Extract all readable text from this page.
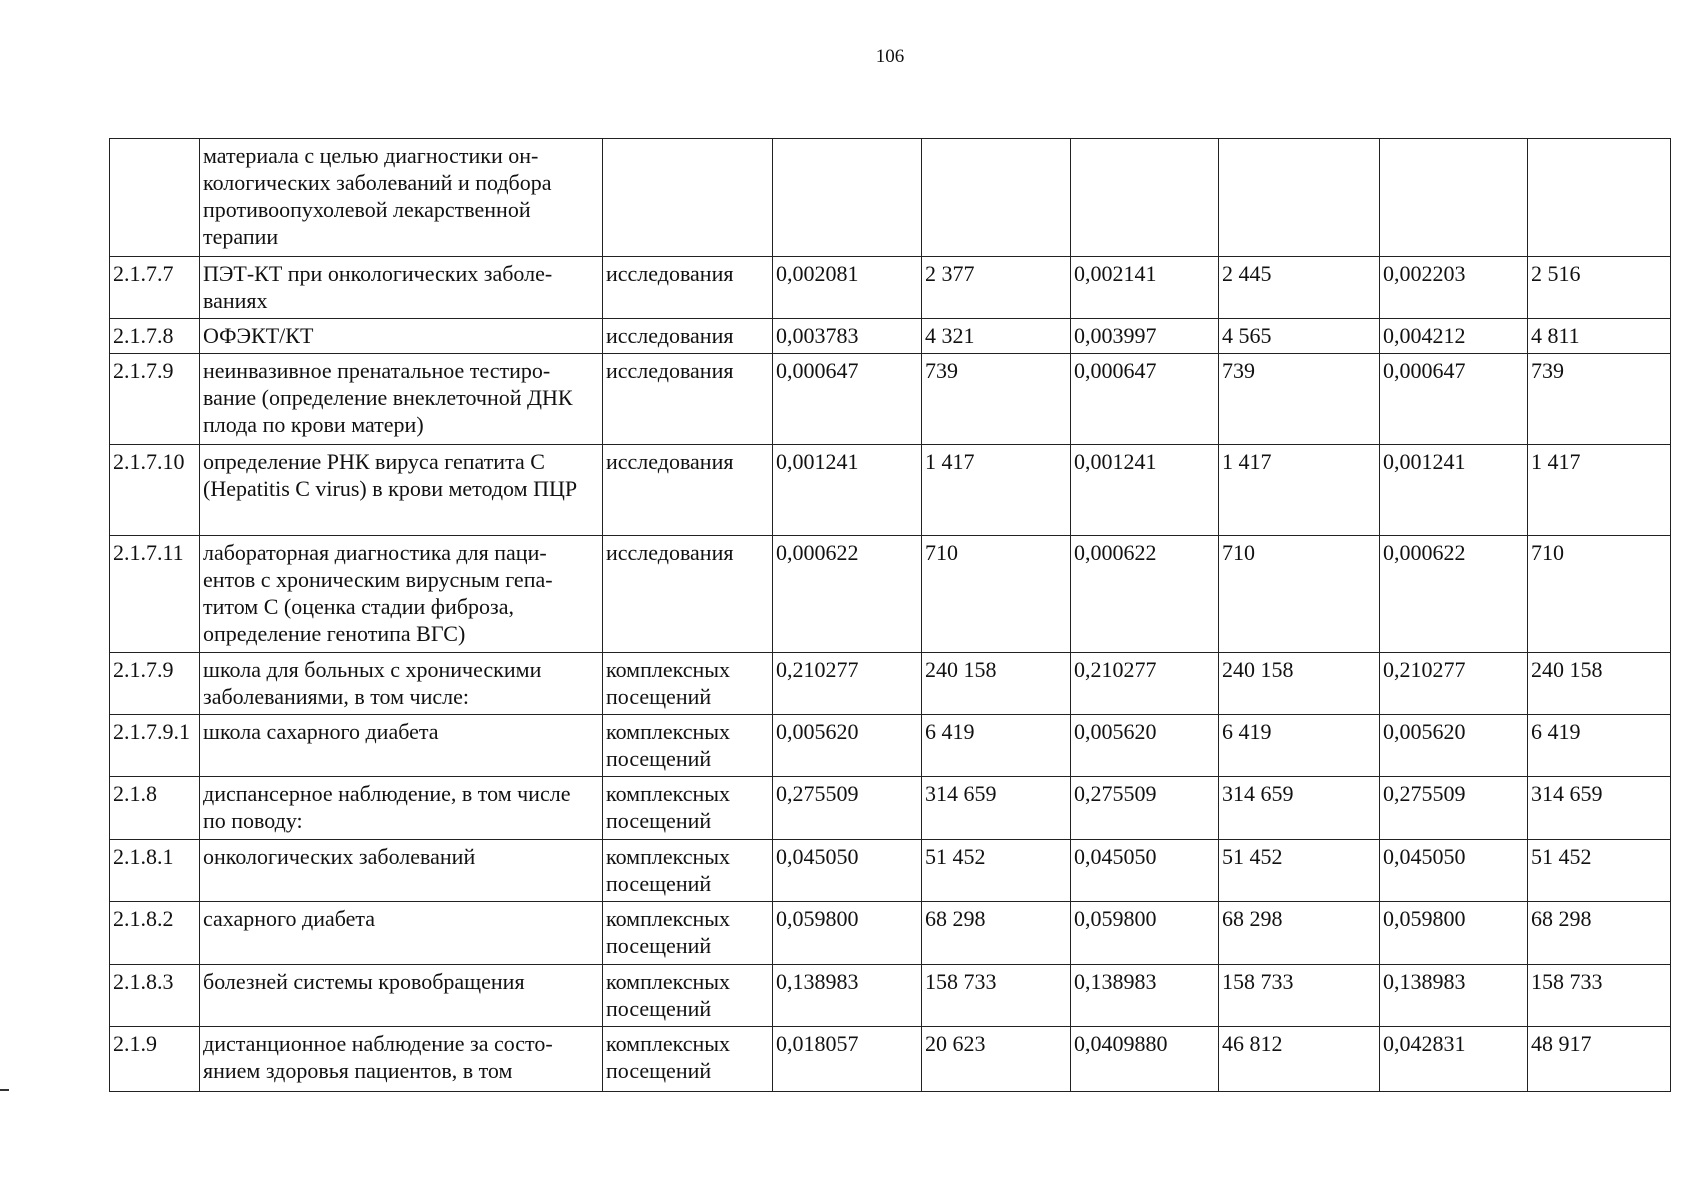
106
	материала с целью диагностики он-кологических заболеваний и подбора противоопухолевой лекарственной терапии							
2.1.7.7	ПЭТ-КТ при онкологических заболе-ваниях	исследования	0,002081	2 377	0,002141	2 445	0,002203	2 516
2.1.7.8	ОФЭКТ/КТ	исследования	0,003783	4 321	0,003997	4 565	0,004212	4 811
2.1.7.9	неинвазивное пренатальное тестиро-вание (определение внеклеточной ДНК плода по крови матери)	исследования	0,000647	739	0,000647	739	0,000647	739
2.1.7.10	определение РНК вируса гепатита C (Hepatitis C virus) в крови методом ПЦР	исследования	0,001241	1 417	0,001241	1 417	0,001241	1 417
2.1.7.11	лабораторная диагностика для паци-ентов с хроническим вирусным гепа-титом C (оценка стадии фиброза, определение генотипа ВГС)	исследования	0,000622	710	0,000622	710	0,000622	710
2.1.7.9	школа для больных с хроническими заболеваниями, в том числе:	комплексных посещений	0,210277	240 158	0,210277	240 158	0,210277	240 158
2.1.7.9.1	школа сахарного диабета	комплексных посещений	0,005620	6 419	0,005620	6 419	0,005620	6 419
2.1.8	диспансерное наблюдение, в том числе по поводу:	комплексных посещений	0,275509	314 659	0,275509	314 659	0,275509	314 659
2.1.8.1	онкологических заболеваний	комплексных посещений	0,045050	51 452	0,045050	51 452	0,045050	51 452
2.1.8.2	сахарного диабета	комплексных посещений	0,059800	68 298	0,059800	68 298	0,059800	68 298
2.1.8.3	болезней системы кровобращения	комплексных посещений	0,138983	158 733	0,138983	158 733	0,138983	158 733
2.1.9	дистанционное наблюдение за состо-янием здоровья пациентов, в том	комплексных посещений	0,018057	20 623	0,0409880	46 812	0,042831	48 917
